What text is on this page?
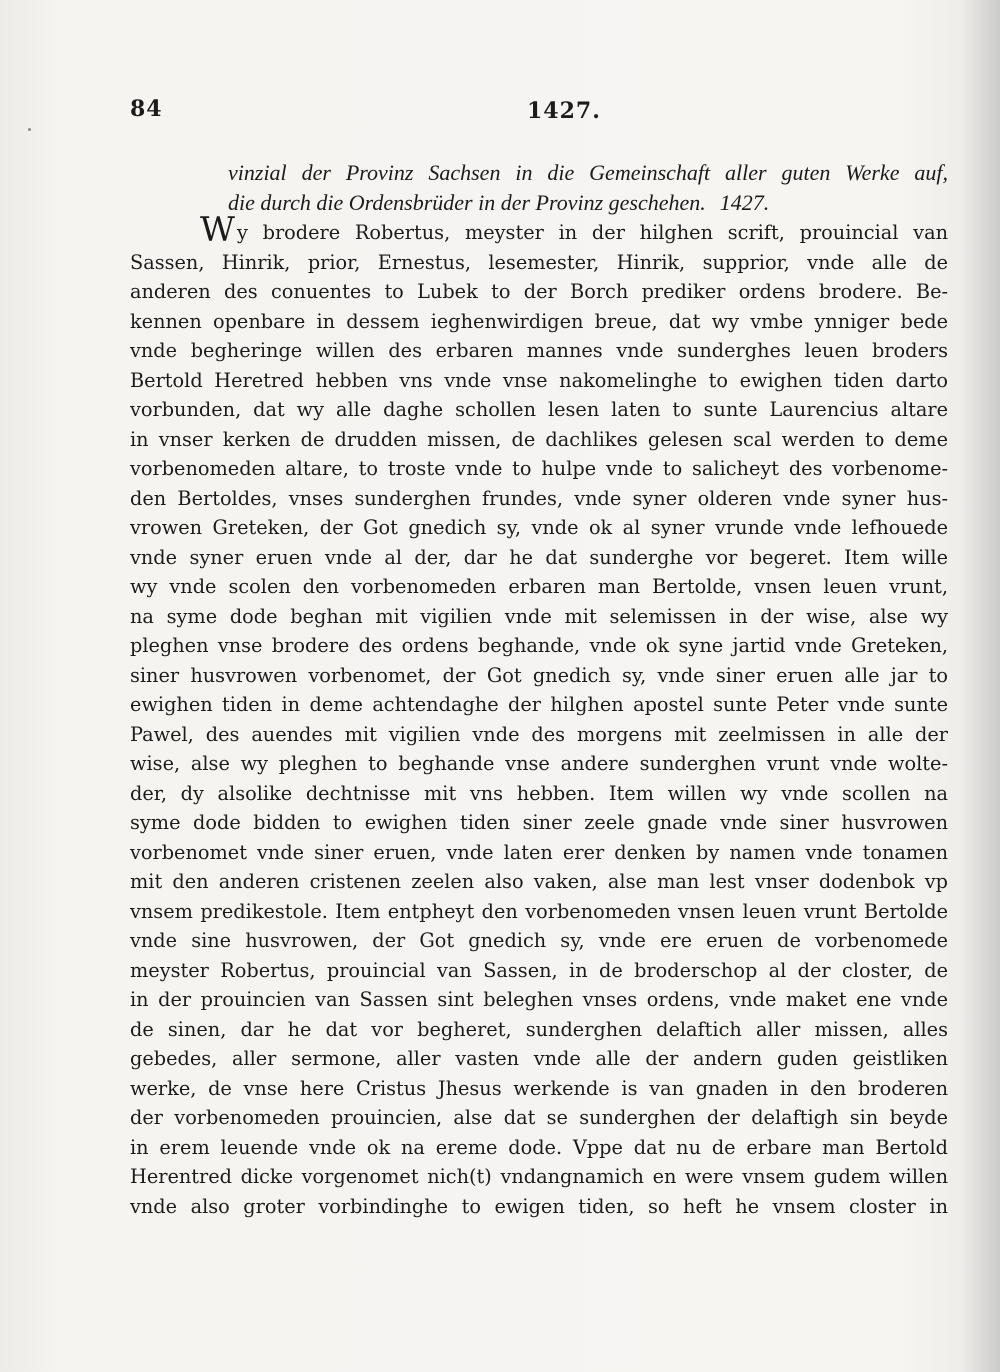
84	1427.
vinzial der Provinz Sachsen in die Gemeinschaft aller guten Werke auf,
die durch die Ordensbrüder in der Provinz geschehen. 1427.
Wy brodere Robertus, meyster in der hilghen scrift, prouincial van
Sassen, Hinrik, prior, Ernestus, lesemester, Hinrik, supprior, vnde alle de
anderen des conuentes to Lubek to der Borch prediker ordens brodere. Be-
kennen openbare in dessem ieghenwirdigen breue, dat wy vmbe ynniger bede
vnde begheringe willen des erbaren mannes vnde sunderghes leuen broders
Bertold Heretred hebben vns vnde vnse nakomelinghe to ewighen tiden darto
vorbunden, dat wy alle daghe schollen lesen laten to sunte Laurencius altare
in vnser kerken de drudden missen, de dachlikes gelesen scal werden to deme
vorbenomeden altare, to troste vnde to hulpe vnde to salicheyt des vorbenome-
den Bertoldes, vnses sunderghen frundes, vnde syner olderen vnde syner hus-
vrowen Greteken, der Got gnedich sy, vnde ok al syner vrunde vnde lefhouede
vnde syner eruen vnde al der, dar he dat sunderghe vor begeret. Item wille
wy vnde scolen den vorbenomeden erbaren man Bertolde, vnsen leuen vrunt,
na syme dode beghan mit vigilien vnde mit selemissen in der wise, alse wy
pleghen vnse brodere des ordens beghande, vnde ok syne jartid vnde Greteken,
siner husvrowen vorbenomet, der Got gnedich sy, vnde siner eruen alle jar to
ewighen tiden in deme achtendaghe der hilghen apostel sunte Peter vnde sunte
Pawel, des auendes mit vigilien vnde des morgens mit zeelmissen in alle der
wise, alse wy pleghen to beghande vnse andere sunderghen vrunt vnde wolte-
der, dy alsolike dechtnisse mit vns hebben. Item willen wy vnde scollen na
syme dode bidden to ewighen tiden siner zeele gnade vnde siner husvrowen
vorbenomet vnde siner eruen, vnde laten erer denken by namen vnde tonamen
mit den anderen cristenen zeelen also vaken, alse man lest vnser dodenbok vp
vnsem predikestole. Item entpheyt den vorbenomeden vnsen leuen vrunt Bertolde
vnde sine husvrowen, der Got gnedich sy, vnde ere eruen de vorbenomede
meyster Robertus, prouincial van Sassen, in de broderschop al der closter, de
in der prouincien van Sassen sint beleghen vnses ordens, vnde maket ene vnde
de sinen, dar he dat vor begheret, sunderghen delaftich aller missen, alles
gebedes, aller sermone, aller vasten vnde alle der andern guden geistliken
werke, de vnse here Cristus Jhesus werkende is van gnaden in den broderen
der vorbenomeden prouincien, alse dat se sunderghen der delaftigh sin beyde
in erem leuende vnde ok na ereme dode. Vppe dat nu de erbare man Bertold
Herentred dicke vorgenomet nich(t) vndangnamich en were vnsem gudem willen
vnde also groter vorbindinghe to ewigen tiden, so heft he vnsem closter in
